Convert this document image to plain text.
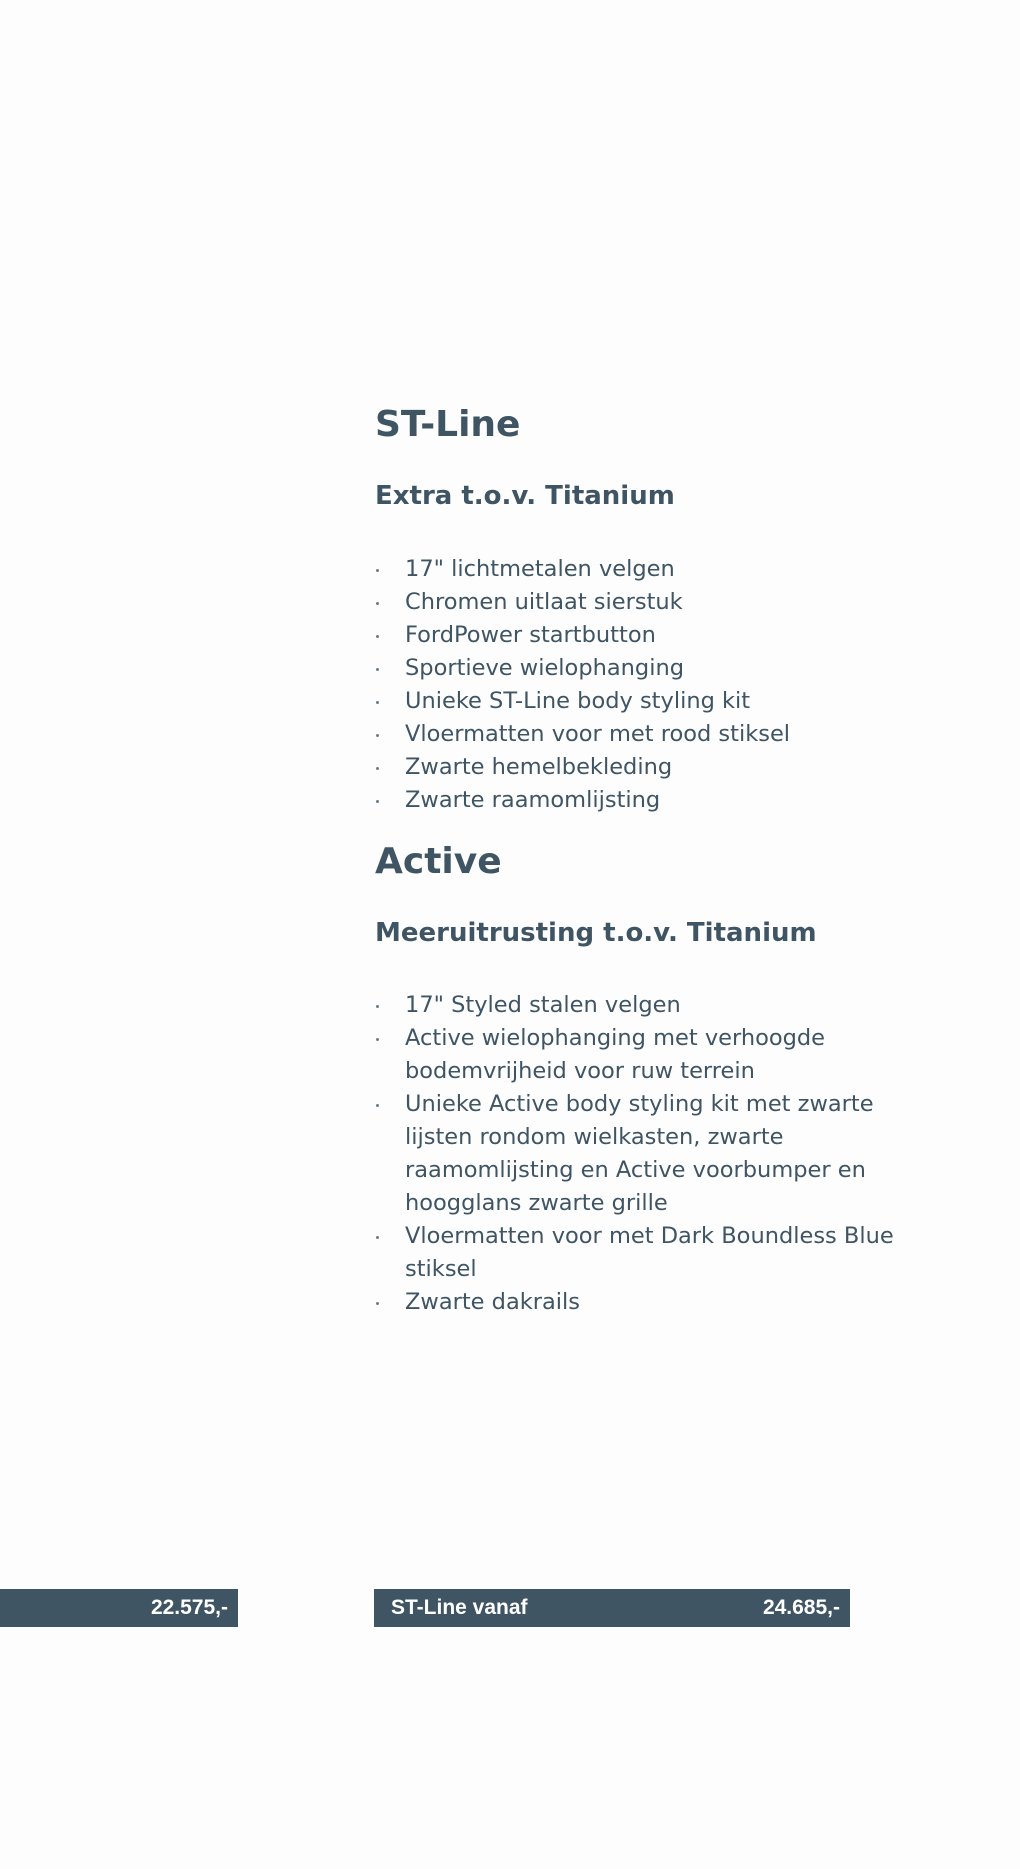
22.575,-
ST-Line
Extra t.o.v. Titanium
17" lichtmetalen velgen
Chromen uitlaat sierstuk
FordPower startbutton
Sportieve wielophanging
Unieke ST-Line body styling kit
Vloermatten voor met rood stiksel
Zwarte hemelbekleding
Zwarte raamomlijsting
Active
Meeruitrusting t.o.v. Titanium
17" Styled stalen velgen
Active wielophanging met verhoogde bodemvrijheid voor ruw terrein
Unieke Active body styling kit met zwarte lijsten rondom wielkasten, zwarte raamomlijsting en Active voorbumper en hoogglans zwarte grille
Vloermatten voor met Dark Boundless Blue stiksel
Zwarte dakrails
ST-Line vanaf	24.685,-
